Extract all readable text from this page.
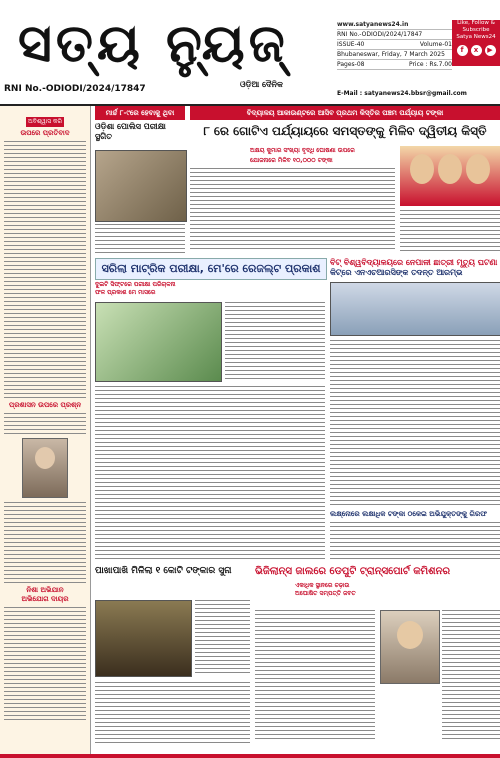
ସତ୍ୟ ନ୍ୟୁଜ୍
ଓଡ଼ିଆ ଦୈନିକ
RNI No.-ODIODI/2024/17847
www.satyanews24.in
RNI No.-ODIODI/2024/17847
ISSUE-40	Volume-01
Bhubaneswar, Friday, 7 March 2025
Pages-08	Price : Rs.7.00
Like, Follow & Subscribe
Satya News24
f	x	▶
E-Mail : satyanews24.bbsr@gmail.com
ଅବିଶ୍ୱାସ କରି
ଉପରେ ପ୍ରତିବାଦ
ପ୍ରଶାସନ ଉପରେ ପ୍ରଶ୍ନ
ନିଶା ଅଭିଯାନ
ଅଭିଯୋଗ ଦାୟର
ମାର୍ଚ୍ଚ ୮-୯ରେ ହେବାକୁ ଥିବା	ବିଦ୍ୟାଳୟ ଆକାଉଣ୍ଟରେ ଆସିବ ପ୍ରଥମ କିସ୍ତିର ପଞ୍ଚମ ପର୍ଯ୍ୟାୟ ଟଙ୍କା
ଓଡ଼ିଶା ପୋଲିସ ପରୀକ୍ଷା ସ୍ଥଗିତ	୮ ରେ ଗୋଟିଏ ପର୍ଯ୍ୟାୟରେ ସମସ୍ତଙ୍କୁ ମିଳିବ ଦ୍ୱିତୀୟ କିସ୍ତି
ଅକ୍ଷୟ କୁମାର ସଂଖ୍ୟା ବୃଦ୍ଧି ଘୋଷଣା ଉପରେ
ଯୋଜନାରେ ମିଳିବ ୧୦,୦୦୦ ଟଙ୍କା
ସରିଲା ମାଟ୍ରିକ ପରୀକ୍ଷା, ମେ'ରେ ରେଜଲ୍ଟ ପ୍ରକାଶ
ଦୁଇଟି ସିଫ୍ଟରେ ପରୀକ୍ଷା ପରିଚାଳନା
ଫଳ ପ୍ରକାଶ ମେ ମାସରେ
ବିଟ୍ ବିଶ୍ୱବିଦ୍ୟାଳୟରେ ନେପାଳୀ ଛାତ୍ରୀ ମୃତ୍ୟୁ ଘଟଣା
କିଟ୍‌ରେ ଏନଏଚଆରସିଙ୍କ ତଦନ୍ତ ଆରମ୍ଭ
ଲକ୍ଷ୍ନୋରେ ଲକ୍ଷାଧିକ ଟଙ୍କା ଠକେଇ ଅଭିଯୁକ୍ତଙ୍କୁ ଗିରଫ
ପାଖାପାଖି ମିଳିଲା ୧ କୋଟି ଟଙ୍କାର ସୁନା	ଭିଜିଲାନ୍ସ ଜାଲରେ ଡେପୁଟି ଟ୍ରାନ୍ସପୋର୍ଟ କମିଶନର
ଏକାଧିକ ସ୍ଥାନରେ ଚଢ଼ାଉ
ଅଘୋଷିତ ସମ୍ପତ୍ତି ଜବତ
